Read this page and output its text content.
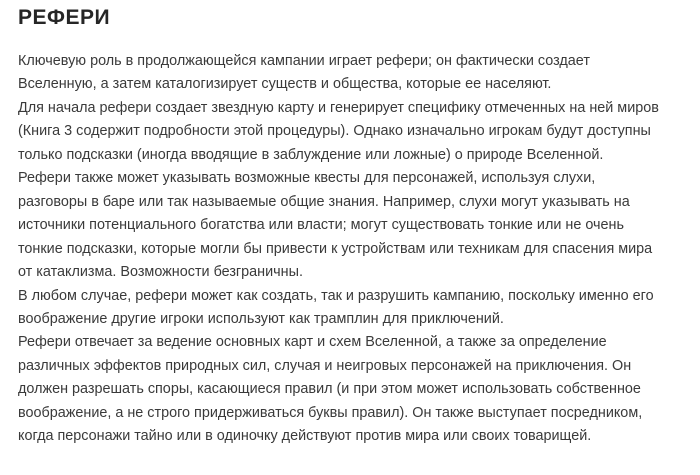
РЕФЕРИ

Ключевую роль в продолжающейся кампании играет рефери; он фактически создает
Вселенную, а затем каталогизирует существ и общества, которые ее населяют.

Для начала рефери создает звездную карту и генерирует специфику отмеченных на ней миров
(Книга 3 содержит подробности этой процедуры). Однако изначально игрокам будут доступны
только подсказки (иногда вводящие в заблуждение или ложные) о природе Вселенной.

Рефери также может указывать возможные квесты для персонажей, используя слухи,
разговоры в баре или так называемые общие знания. Например, слухи могут указывать на
источники потенциального богатства или власти; могут существовать тонкие или не очень
тонкие подсказки, которые могли бы привести к устройствам или техникам для спасения мира
от катаклизма. Возможности безграничны.

В любом случае, рефери может как создать, так и разрушить кампанию, поскольку именно его
воображение другие игроки используют как трамплин для приключений.

Рефери отвечает за ведение основных карт и схем Вселенной, а также за определение
различных эффектов природных сил, случая и неигровых персонажей на приключения. Он
должен разрешать споры, касающиеся правил (и при этом может использовать собственное
воображение, а не строго придерживаться буквы правил). Он также выступает посредником,
когда персонажи тайно или в одиночку действуют против мира или своих товарищей.
